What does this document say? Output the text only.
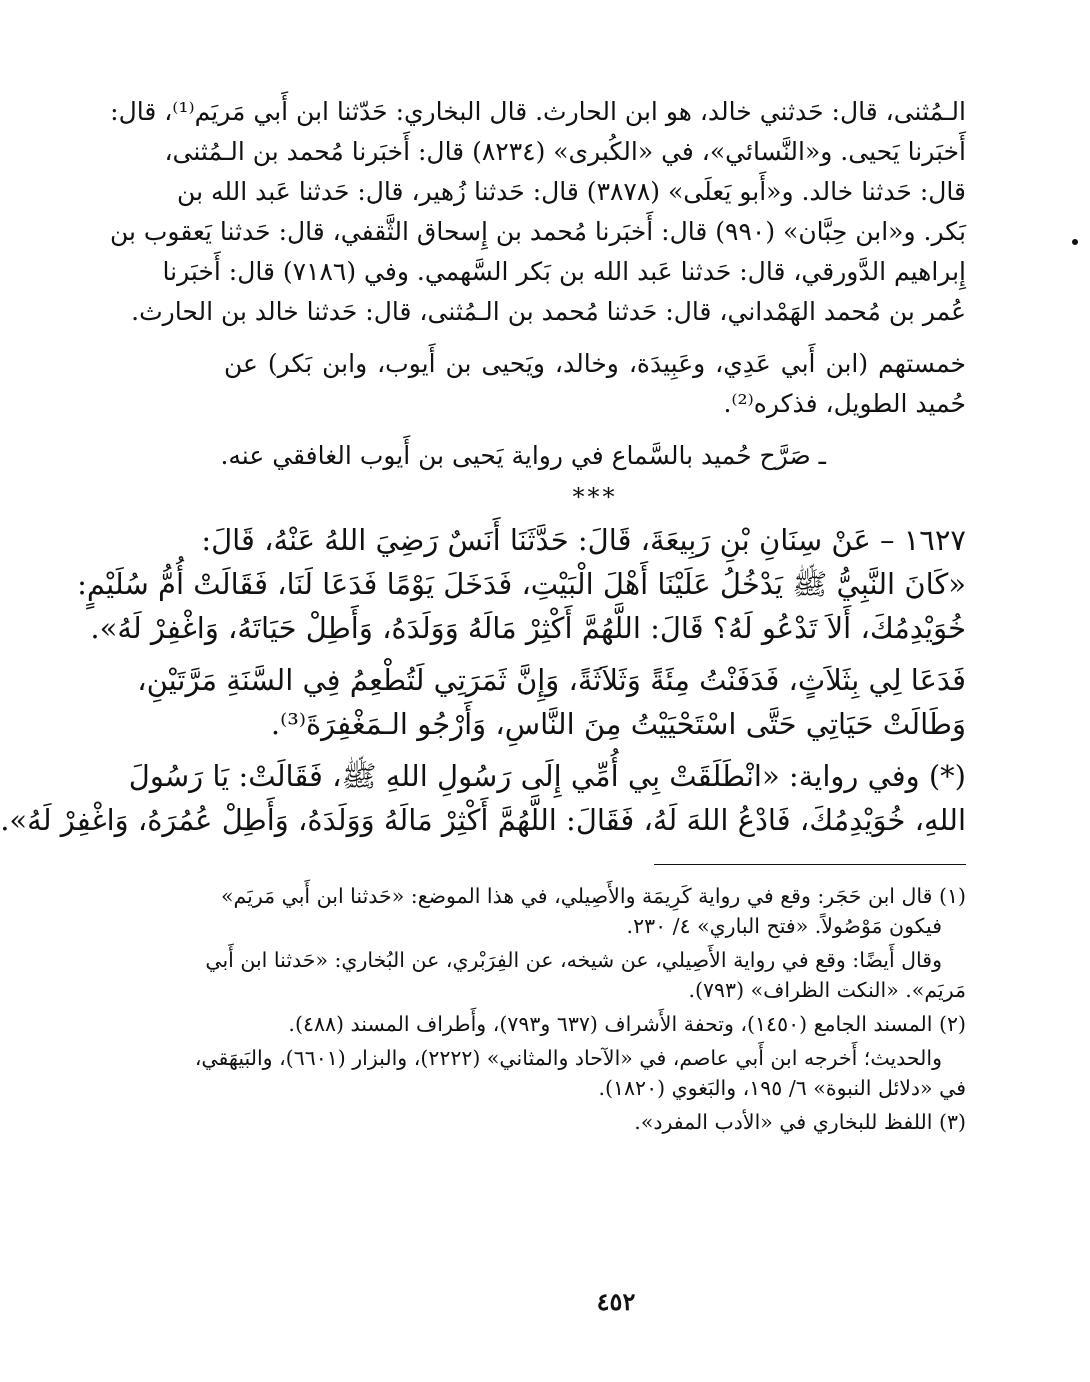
الـمُثنى، قال: حَدثني خالد، هو ابن الحارث. قال البخاري: حَدّثنا ابن أَبي مَريَم⁽¹⁾، قال:
أَخبَرنا يَحيى. و«النَّسائي»، في «الكُبرى» (٨٢٣٤) قال: أَخبَرنا مُحمد بن الـمُثنى،
قال: حَدثنا خالد. و«أَبو يَعلَى» (٣٨٧٨) قال: حَدثنا زُهير، قال: حَدثنا عَبد الله بن
بَكر. و«ابن حِبَّان» (٩٩٠) قال: أَخبَرنا مُحمد بن إِسحاق الثَّقفي، قال: حَدثنا يَعقوب بن
إِبراهيم الدَّورقي، قال: حَدثنا عَبد الله بن بَكر السَّهمي. وفي (٧١٨٦) قال: أَخبَرنا
عُمر بن مُحمد الهَمْداني، قال: حَدثنا مُحمد بن الـمُثنى، قال: حَدثنا خالد بن الحارث.
خمستهم (ابن أَبي عَدِي، وعَبِيدَة، وخالد، ويَحيى بن أَيوب، وابن بَكر) عن
حُميد الطويل، فذكره⁽²⁾.
ـ صَرَّح حُميد بالسَّماع في رواية يَحيى بن أَيوب الغافقي عنه.
***
١٦٢٧ – عَنْ سِنَانِ بْنِ رَبِيعَةَ، قَالَ: حَدَّثَنَا أَنَسٌ رَضِيَ اللهُ عَنْهُ، قَالَ:
«كَانَ النَّبِيُّ ﷺ يَدْخُلُ عَلَيْنَا أَهْلَ الْبَيْتِ، فَدَخَلَ يَوْمًا فَدَعَا لَنَا، فَقَالَتْ أُمُّ سُلَيْمٍ:
خُوَيْدِمُكَ، أَلاَ تَدْعُو لَهُ؟ قَالَ: اللَّهُمَّ أَكْثِرْ مَالَهُ وَوَلَدَهُ، وَأَطِلْ حَيَاتَهُ، وَاغْفِرْ لَهُ».
فَدَعَا لِي بِثَلاَثٍ، فَدَفَنْتُ مِئَةً وَثَلاَثَةً، وَإِنَّ ثَمَرَتِي لَتُطْعِمُ فِي السَّنَةِ مَرَّتَيْنِ،
وَطَالَتْ حَيَاتِي حَتَّى اسْتَحْيَيْتُ مِنَ النَّاسِ، وَأَرْجُو الـمَغْفِرَةَ⁽³⁾.
(*) وفي رواية: «انْطَلَقَتْ بِي أُمِّي إِلَى رَسُولِ اللهِ ﷺ، فَقَالَتْ: يَا رَسُولَ
اللهِ، خُوَيْدِمُكَ، فَادْعُ اللهَ لَهُ، فَقَالَ: اللَّهُمَّ أَكْثِرْ مَالَهُ وَوَلَدَهُ، وَأَطِلْ عُمُرَهُ، وَاغْفِرْ لَهُ».
(١) قال ابن حَجَر: وقع في رواية كَرِيمَة والأَصِيلي، في هذا الموضع: «حَدثنا ابن أَبي مَريَم»
فيكون مَوْصُولاً. «فتح الباري» ٤/ ٢٣٠.
وقال أَيضًا: وقع في رواية الأَصِيلي، عن شيخه، عن الفِرَبْري، عن البُخاري: «حَدثنا ابن أَبي
مَريَم». «النكت الظراف» (٧٩٣).
(٢) المسند الجامع (١٤٥٠)، وتحفة الأَشراف (٦٣٧ و٧٩٣)، وأَطراف المسند (٤٨٨).
والحديث؛ أَخرجه ابن أَبي عاصم، في «الآحاد والمثاني» (٢٢٢٢)، والبزار (٦٦٠١)، والبَيهَقي،
في «دلائل النبوة» ٦/ ١٩٥، والبَغوي (١٨٢٠).
(٣) اللفظ للبخاري في «الأدب المفرد».
٤٥٢
